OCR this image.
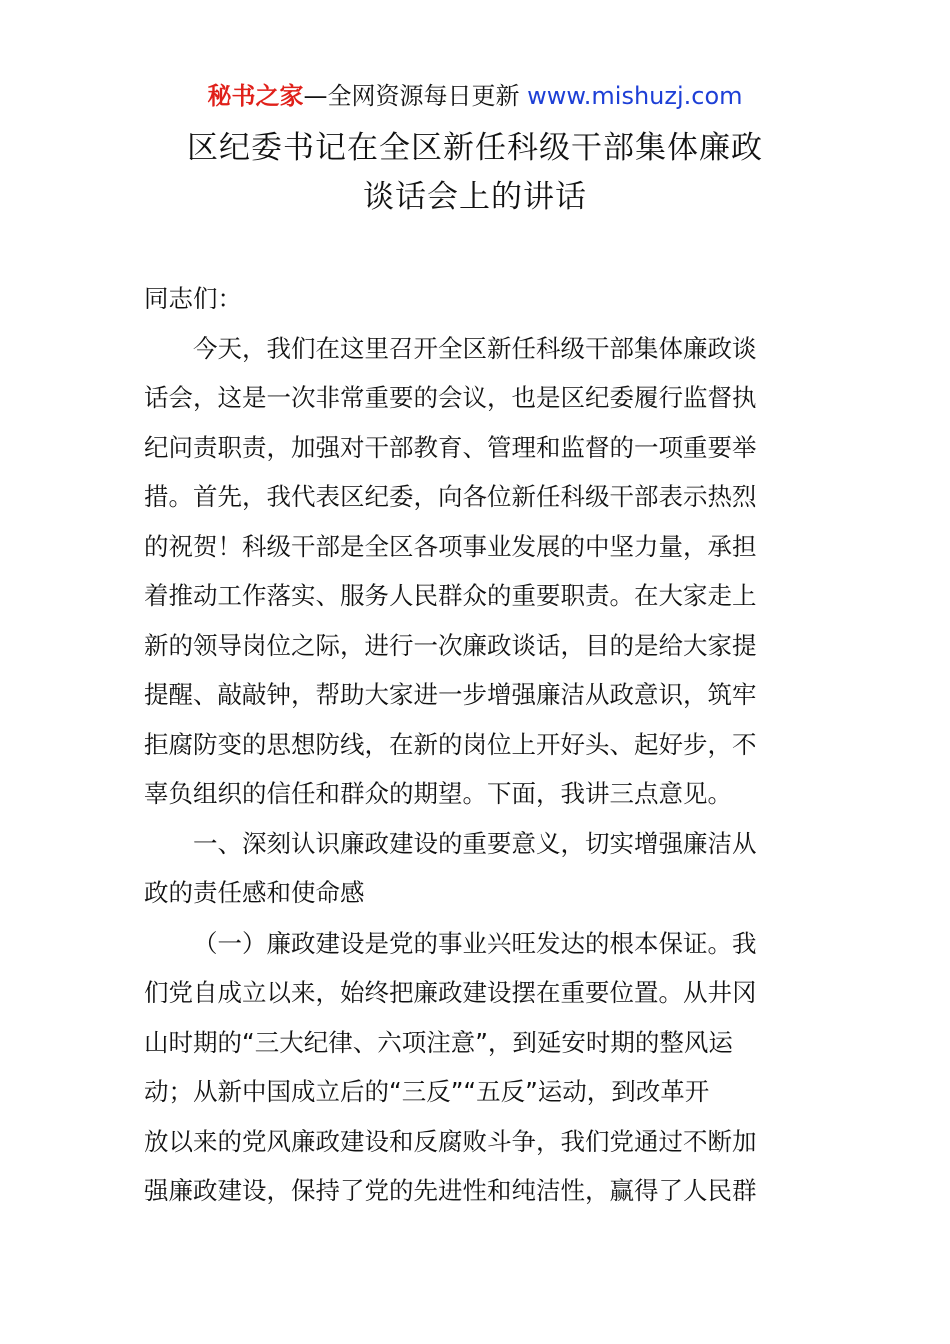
秘书之家—全网资源每日更新 www.mishuzj.com
区纪委书记在全区新任科级干部集体廉政
谈话会上的讲话
同志们：
今天，我们在这里召开全区新任科级干部集体廉政谈
话会，这是一次非常重要的会议，也是区纪委履行监督执
纪问责职责，加强对干部教育、管理和监督的一项重要举
措。首先，我代表区纪委，向各位新任科级干部表示热烈
的祝贺！科级干部是全区各项事业发展的中坚力量，承担
着推动工作落实、服务人民群众的重要职责。在大家走上
新的领导岗位之际，进行一次廉政谈话，目的是给大家提
提醒、敲敲钟，帮助大家进一步增强廉洁从政意识，筑牢
拒腐防变的思想防线，在新的岗位上开好头、起好步，不
辜负组织的信任和群众的期望。下面，我讲三点意见。
一、深刻认识廉政建设的重要意义，切实增强廉洁从
政的责任感和使命感
（一）廉政建设是党的事业兴旺发达的根本保证。我
们党自成立以来，始终把廉政建设摆在重要位置。从井冈
山时期的“三大纪律、六项注意”，到延安时期的整风运
动；从新中国成立后的“三反”“五反”运动，到改革开
放以来的党风廉政建设和反腐败斗争，我们党通过不断加
强廉政建设，保持了党的先进性和纯洁性，赢得了人民群
